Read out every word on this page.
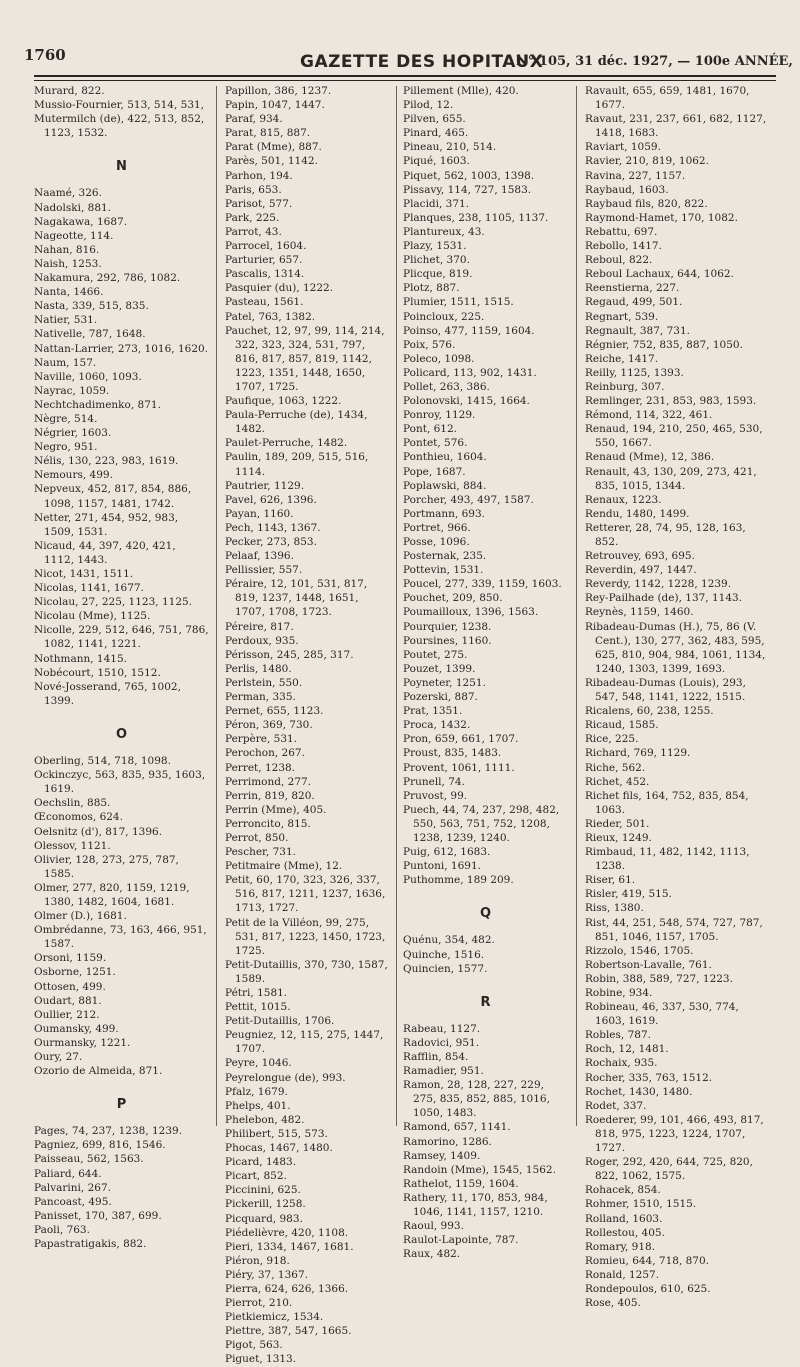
1760	GAZETTE DES HOPITAUX
N° 105, 31 déc. 1927, — 100e ANNÉE,
Murard, 822.
Mussio-Fournier, 513, 514, 531,
Mutermilch (de), 422, 513, 852, 1123, 1532.
N
Naamé, 326.
Nadolski, 881.
Nagakawa, 1687.
Nageotte, 114.
Nahan, 816.
Naish, 1253.
Nakamura, 292, 786, 1082.
Nanta, 1466.
Nasta, 339, 515, 835.
Natier, 531.
Nativelle, 787, 1648.
Nattan-Larrier, 273, 1016, 1620.
Naum, 157.
Naville, 1060, 1093.
Nayrac, 1059.
Nechtchadimenko, 871.
Nègre, 514.
Négrier, 1603.
Negro, 951.
Nélis, 130, 223, 983, 1619.
Nemours, 499.
Nepveux, 452, 817, 854, 886, 1098, 1157, 1481, 1742.
Netter, 271, 454, 952, 983, 1509, 1531.
Nicaud, 44, 397, 420, 421, 1112, 1443.
Nicot, 1431, 1511.
Nicolas, 1141, 1677.
Nicolau, 27, 225, 1123, 1125.
Nicolau (Mme), 1125.
Nicolle, 229, 512, 646, 751, 786, 1082, 1141, 1221.
Nothmann, 1415.
Nobécourt, 1510, 1512.
Nové-Josserand, 765, 1002, 1399.
O
Oberling, 514, 718, 1098.
Ockinczyc, 563, 835, 935, 1603, 1619.
Oechslin, 885.
Œconomos, 624.
Oelsnitz (d'), 817, 1396.
Olessov, 1121.
Olivier, 128, 273, 275, 787, 1585.
Olmer, 277, 820, 1159, 1219, 1380, 1482, 1604, 1681.
Olmer (D.), 1681.
Ombrédanne, 73, 163, 466, 951, 1587.
Orsoni, 1159.
Osborne, 1251.
Ottosen, 499.
Oudart, 881.
Oullier, 212.
Oumansky, 499.
Ourmansky, 1221.
Oury, 27.
Ozorio de Almeida, 871.
P
Pages, 74, 237, 1238, 1239.
Pagniez, 699, 816, 1546.
Paisseau, 562, 1563.
Paliard, 644.
Palvarini, 267.
Pancoast, 495.
Panisset, 170, 387, 699.
Paoli, 763.
Papastratigakis, 882.
Papillon, 386, 1237.
Papin, 1047, 1447.
Paraf, 934.
Parat, 815, 887.
Parat (Mme), 887.
Parès, 501, 1142.
Parhon, 194.
Paris, 653.
Parisot, 577.
Park, 225.
Parrot, 43.
Parrocel, 1604.
Parturier, 657.
Pascalis, 1314.
Pasquier (du), 1222.
Pasteau, 1561.
Patel, 763, 1382.
Pauchet, 12, 97, 99, 114, 214, 322, 323, 324, 531, 797, 816, 817, 857, 819, 1142, 1223, 1351, 1448, 1650, 1707, 1725.
Paufique, 1063, 1222.
Paula-Perruche (de), 1434, 1482.
Paulet-Perruche, 1482.
Paulin, 189, 209, 515, 516, 1114.
Pautrier, 1129.
Pavel, 626, 1396.
Payan, 1160.
Pech, 1143, 1367.
Pecker, 273, 853.
Pelaaf, 1396.
Pellissier, 557.
Péraire, 12, 101, 531, 817, 819, 1237, 1448, 1651, 1707, 1708, 1723.
Péreire, 817.
Perdoux, 935.
Périsson, 245, 285, 317.
Perlis, 1480.
Perlstein, 550.
Perman, 335.
Pernet, 655, 1123.
Péron, 369, 730.
Perpère, 531.
Perochon, 267.
Perret, 1238.
Perrimond, 277.
Perrin, 819, 820.
Perrin (Mme), 405.
Perroncito, 815.
Perrot, 850.
Pescher, 731.
Petitmaire (Mme), 12.
Petit, 60, 170, 323, 326, 337, 516, 817, 1211, 1237, 1636, 1713, 1727.
Petit de la Villéon, 99, 275, 531, 817, 1223, 1450, 1723, 1725.
Petit-Dutaillis, 370, 730, 1587, 1589.
Pétri, 1581.
Pettit, 1015.
Petit-Dutaillis, 1706.
Peugniez, 12, 115, 275, 1447, 1707.
Peyre, 1046.
Peyrelongue (de), 993.
Pfalz, 1679.
Phelps, 401.
Phelebon, 482.
Philibert, 515, 573.
Phocas, 1467, 1480.
Picard, 1483.
Picart, 852.
Piccinini, 625.
Pickerill, 1258.
Picquard, 983.
Piédelièvre, 420, 1108.
Pieri, 1334, 1467, 1681.
Piéron, 918.
Piéry, 37, 1367.
Pierra, 624, 626, 1366.
Pierrot, 210.
Pietkiemicz, 1534.
Piettre, 387, 547, 1665.
Pigot, 563.
Piguet, 1313.
Pillement (Mlle), 420.
Pilod, 12.
Pilven, 655.
Pinard, 465.
Pineau, 210, 514.
Piqué, 1603.
Piquet, 562, 1003, 1398.
Pissavy, 114, 727, 1583.
Placidi, 371.
Planques, 238, 1105, 1137.
Plantureux, 43.
Plazy, 1531.
Plichet, 370.
Plicque, 819.
Plotz, 887.
Plumier, 1511, 1515.
Poincloux, 225.
Poinso, 477, 1159, 1604.
Poix, 576.
Poleco, 1098.
Policard, 113, 902, 1431.
Pollet, 263, 386.
Polonovski, 1415, 1664.
Ponroy, 1129.
Pont, 612.
Pontet, 576.
Ponthieu, 1604.
Pope, 1687.
Poplawski, 884.
Porcher, 493, 497, 1587.
Portmann, 693.
Portret, 966.
Posse, 1096.
Posternak, 235.
Pottevin, 1531.
Poucel, 277, 339, 1159, 1603.
Pouchet, 209, 850.
Poumailloux, 1396, 1563.
Pourquier, 1238.
Poursines, 1160.
Poutet, 275.
Pouzet, 1399.
Poyneter, 1251.
Pozerski, 887.
Prat, 1351.
Proca, 1432.
Pron, 659, 661, 1707.
Proust, 835, 1483.
Provent, 1061, 1111.
Prunell, 74.
Pruvost, 99.
Puech, 44, 74, 237, 298, 482, 550, 563, 751, 752, 1208, 1238, 1239, 1240.
Puig, 612, 1683.
Puntoni, 1691.
Puthomme, 189 209.
Q
Quénu, 354, 482.
Quinche, 1516.
Quincien, 1577.
R
Rabeau, 1127.
Radovici, 951.
Rafflin, 854.
Ramadier, 951.
Ramon, 28, 128, 227, 229, 275, 835, 852, 885, 1016, 1050, 1483.
Ramond, 657, 1141.
Ramorino, 1286.
Ramsey, 1409.
Randoin (Mme), 1545, 1562.
Rathelot, 1159, 1604.
Rathery, 11, 170, 853, 984, 1046, 1141, 1157, 1210.
Raoul, 993.
Raulot-Lapointe, 787.
Raux, 482.
Ravault, 655, 659, 1481, 1670, 1677.
Ravaut, 231, 237, 661, 682, 1127, 1418, 1683.
Raviart, 1059.
Ravier, 210, 819, 1062.
Ravina, 227, 1157.
Raybaud, 1603.
Raybaud fils, 820, 822.
Raymond-Hamet, 170, 1082.
Rebattu, 697.
Rebollo, 1417.
Reboul, 822.
Reboul Lachaux, 644, 1062.
Reenstierna, 227.
Regaud, 499, 501.
Regnart, 539.
Regnault, 387, 731.
Régnier, 752, 835, 887, 1050.
Reiche, 1417.
Reilly, 1125, 1393.
Reinburg, 307.
Remlinger, 231, 853, 983, 1593.
Rémond, 114, 322, 461.
Renaud, 194, 210, 250, 465, 530, 550, 1667.
Renaud (Mme), 12, 386.
Renault, 43, 130, 209, 273, 421, 835, 1015, 1344.
Renaux, 1223.
Rendu, 1480, 1499.
Retterer, 28, 74, 95, 128, 163, 852.
Retrouvey, 693, 695.
Reverdin, 497, 1447.
Reverdy, 1142, 1228, 1239.
Rey-Pailhade (de), 137, 1143.
Reynès, 1159, 1460.
Ribadeau-Dumas (H.), 75, 86 (V. Cent.), 130, 277, 362, 483, 595, 625, 810, 904, 984, 1061, 1134, 1240, 1303, 1399, 1693.
Ribadeau-Dumas (Louis), 293, 547, 548, 1141, 1222, 1515.
Ricalens, 60, 238, 1255.
Ricaud, 1585.
Rice, 225.
Richard, 769, 1129.
Riche, 562.
Richet, 452.
Richet fils, 164, 752, 835, 854, 1063.
Rieder, 501.
Rieux, 1249.
Rimbaud, 11, 482, 1142, 1113, 1238.
Riser, 61.
Risler, 419, 515.
Riss, 1380.
Rist, 44, 251, 548, 574, 727, 787, 851, 1046, 1157, 1705.
Rizzolo, 1546, 1705.
Robertson-Lavalle, 761.
Robin, 388, 589, 727, 1223.
Robine, 934.
Robineau, 46, 337, 530, 774, 1603, 1619.
Robles, 787.
Roch, 12, 1481.
Rochaix, 935.
Rocher, 335, 763, 1512.
Rochet, 1430, 1480.
Rodet, 337.
Roederer, 99, 101, 466, 493, 817, 818, 975, 1223, 1224, 1707, 1727.
Roger, 292, 420, 644, 725, 820, 822, 1062, 1575.
Rohacek, 854.
Rohmer, 1510, 1515.
Rolland, 1603.
Rollestou, 405.
Romary, 918.
Romieu, 644, 718, 870.
Ronald, 1257.
Rondepoulos, 610, 625.
Rose, 405.
